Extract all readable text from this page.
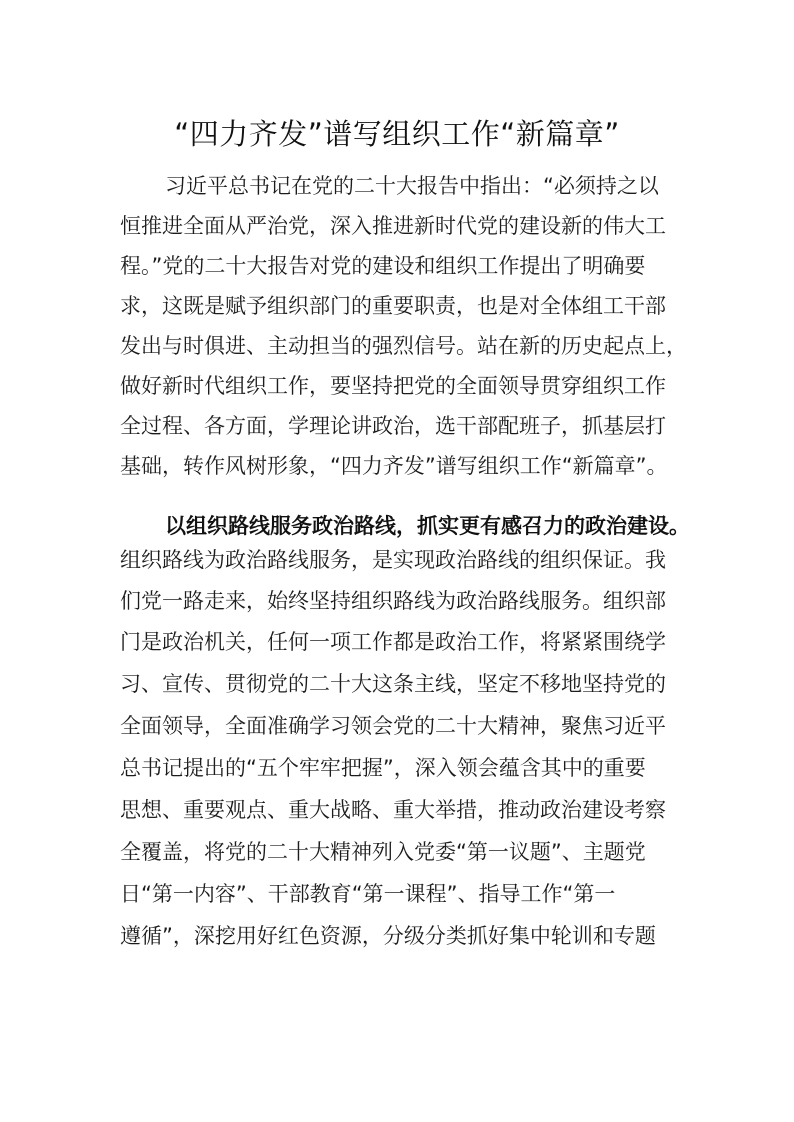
“四力齐发”谱写组织工作“新篇章”
习近平总书记在党的二十大报告中指出：“必须持之以
恒推进全面从严治党，深入推进新时代党的建设新的伟大工
程。”党的二十大报告对党的建设和组织工作提出了明确要
求，这既是赋予组织部门的重要职责，也是对全体组工干部
发出与时俱进、主动担当的强烈信号。站在新的历史起点上，
做好新时代组织工作，要坚持把党的全面领导贯穿组织工作
全过程、各方面，学理论讲政治，选干部配班子，抓基层打
基础，转作风树形象，“四力齐发”谱写组织工作“新篇章”。
以组织路线服务政治路线，抓实更有感召力的政治建设。
组织路线为政治路线服务，是实现政治路线的组织保证。我
们党一路走来，始终坚持组织路线为政治路线服务。组织部
门是政治机关，任何一项工作都是政治工作，将紧紧围绕学
习、宣传、贯彻党的二十大这条主线，坚定不移地坚持党的
全面领导，全面准确学习领会党的二十大精神，聚焦习近平
总书记提出的“五个牢牢把握”，深入领会蕴含其中的重要
思想、重要观点、重大战略、重大举措，推动政治建设考察
全覆盖，将党的二十大精神列入党委“第一议题”、主题党
日“第一内容”、干部教育“第一课程”、指导工作“第一
遵循”，深挖用好红色资源，分级分类抓好集中轮训和专题
